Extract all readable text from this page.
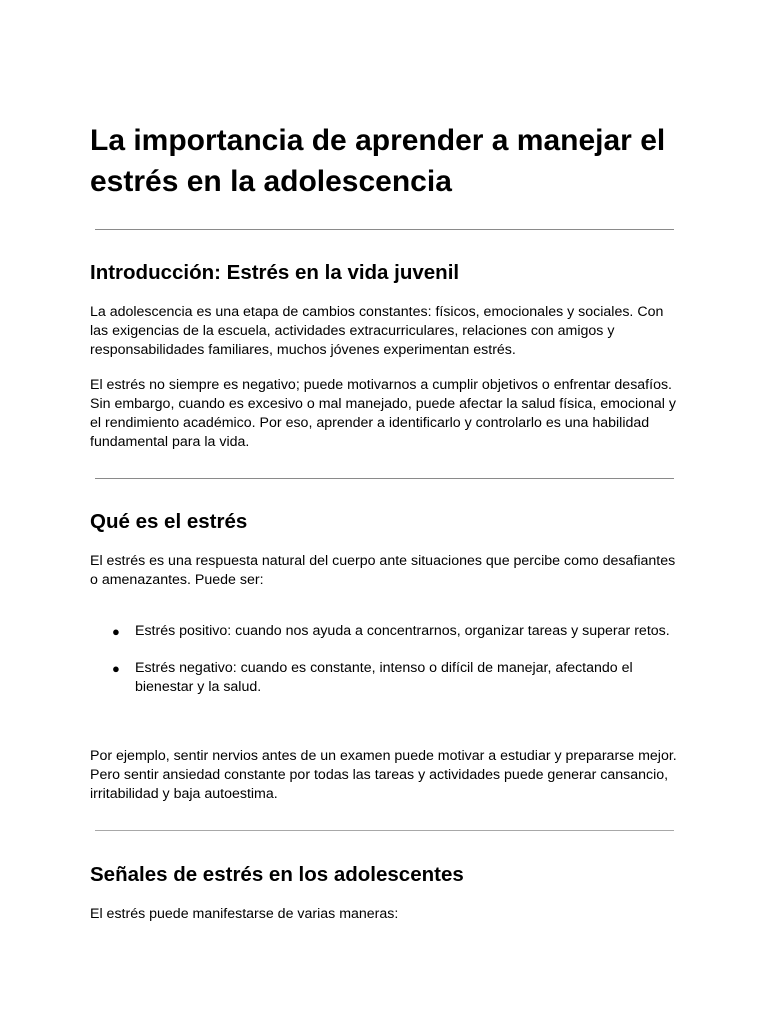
La importancia de aprender a manejar el estrés en la adolescencia
Introducción: Estrés en la vida juvenil

La adolescencia es una etapa de cambios constantes: físicos, emocionales y sociales. Con las exigencias de la escuela, actividades extracurriculares, relaciones con amigos y responsabilidades familiares, muchos jóvenes experimentan estrés.

El estrés no siempre es negativo; puede motivarnos a cumplir objetivos o enfrentar desafíos. Sin embargo, cuando es excesivo o mal manejado, puede afectar la salud física, emocional y el rendimiento académico. Por eso, aprender a identificarlo y controlarlo es una habilidad fundamental para la vida.

Qué es el estrés

El estrés es una respuesta natural del cuerpo ante situaciones que percibe como desafiantes o amenazantes. Puede ser:

● Estrés positivo: cuando nos ayuda a concentrarnos, organizar tareas y superar retos.
● Estrés negativo: cuando es constante, intenso o difícil de manejar, afectando el bienestar y la salud.

Por ejemplo, sentir nervios antes de un examen puede motivar a estudiar y prepararse mejor. Pero sentir ansiedad constante por todas las tareas y actividades puede generar cansancio, irritabilidad y baja autoestima.

Señales de estrés en los adolescentes

El estrés puede manifestarse de varias maneras:
